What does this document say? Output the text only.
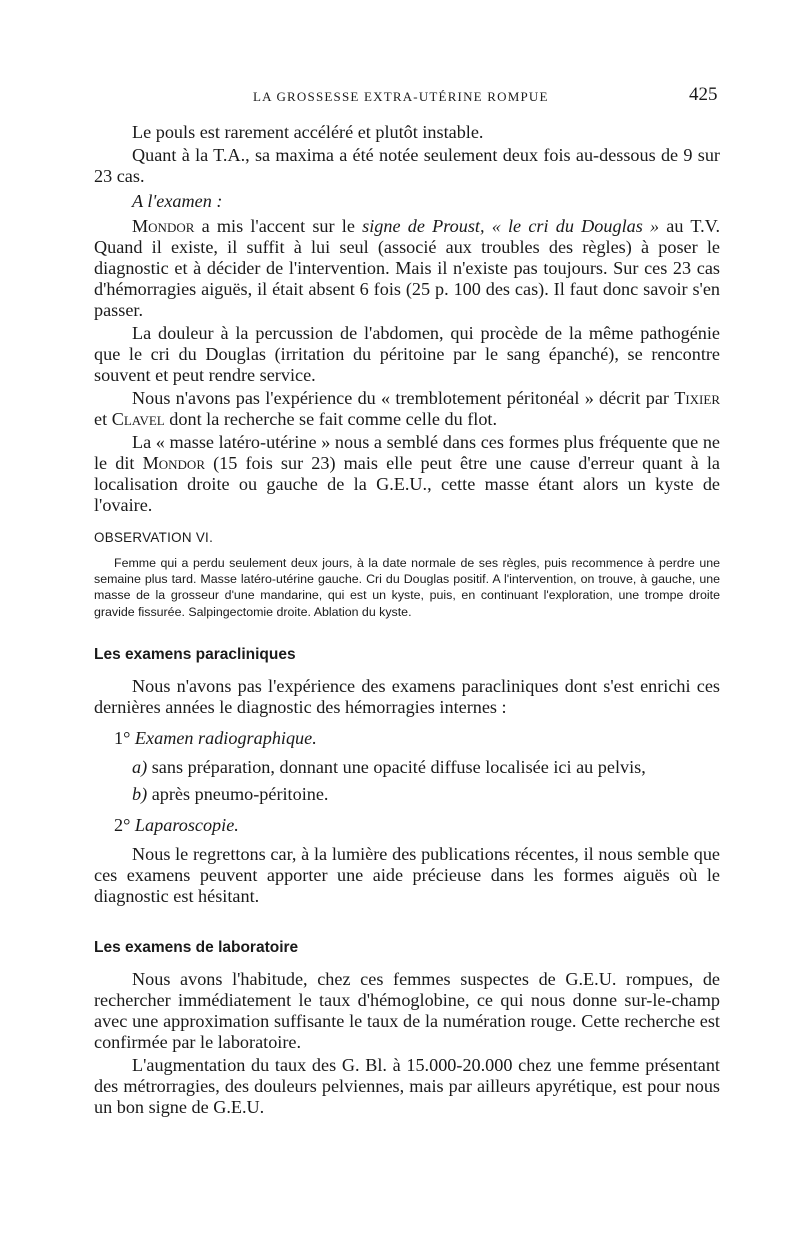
LA GROSSESSE EXTRA-UTÉRINE ROMPUE	425

Le pouls est rarement accéléré et plutôt instable.

Quant à la T.A., sa maxima a été notée seulement deux fois au-dessous de 9 sur 23 cas.

A l'examen :

Mondor a mis l'accent sur le signe de Proust, « le cri du Douglas » au T.V. Quand il existe, il suffit à lui seul (associé aux troubles des règles) à poser le diagnostic et à décider de l'intervention. Mais il n'existe pas toujours. Sur ces 23 cas d'hémorragies aiguës, il était absent 6 fois (25 p. 100 des cas). Il faut donc savoir s'en passer.

La douleur à la percussion de l'abdomen, qui procède de la même pathogénie que le cri du Douglas (irritation du péritoine par le sang épanché), se rencontre souvent et peut rendre service.

Nous n'avons pas l'expérience du « tremblotement péritonéal » décrit par Tixier et Clavel dont la recherche se fait comme celle du flot.

La « masse latéro-utérine » nous a semblé dans ces formes plus fréquente que ne le dit Mondor (15 fois sur 23) mais elle peut être une cause d'erreur quant à la localisation droite ou gauche de la G.E.U., cette masse étant alors un kyste de l'ovaire.

OBSERVATION VI.
Femme qui a perdu seulement deux jours, à la date normale de ses règles, puis recommence à perdre une semaine plus tard. Masse latéro-utérine gauche. Cri du Douglas positif. A l'intervention, on trouve, à gauche, une masse de la grosseur d'une mandarine, qui est un kyste, puis, en continuant l'exploration, une trompe droite gravide fissurée. Salpingectomie droite. Ablation du kyste.
Les examens paracliniques

Nous n'avons pas l'expérience des examens paracliniques dont s'est enrichi ces dernières années le diagnostic des hémorragies internes :

1° Examen radiographique.

a) sans préparation, donnant une opacité diffuse localisée ici au pelvis,

b) après pneumo-péritoine.

2° Laparoscopie.

Nous le regrettons car, à la lumière des publications récentes, il nous semble que ces examens peuvent apporter une aide précieuse dans les formes aiguës où le diagnostic est hésitant.

Les examens de laboratoire

Nous avons l'habitude, chez ces femmes suspectes de G.E.U. rompues, de rechercher immédiatement le taux d'hémoglobine, ce qui nous donne sur-le-champ avec une approximation suffisante le taux de la numération rouge. Cette recherche est confirmée par le laboratoire.

L'augmentation du taux des G. Bl. à 15.000-20.000 chez une femme présentant des métrorragies, des douleurs pelviennes, mais par ailleurs apyrétique, est pour nous un bon signe de G.E.U.
